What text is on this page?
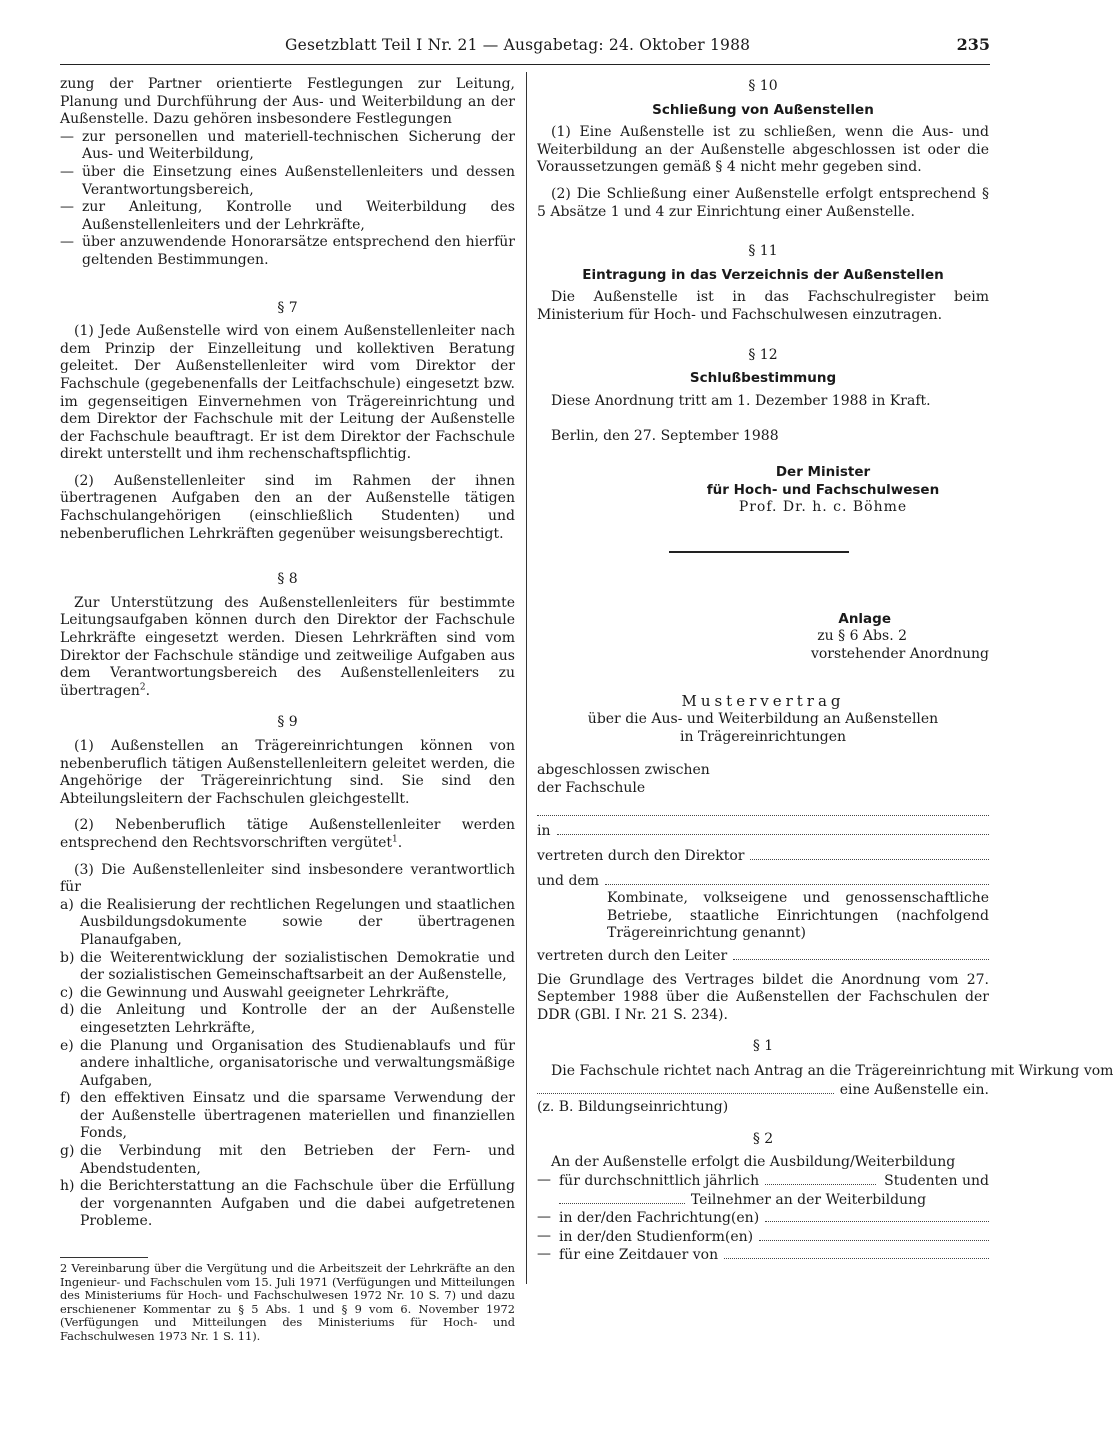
Gesetzblatt Teil I Nr. 21 — Ausgabetag: 24. Oktober 1988	235

zung der Partner orientierte Festlegungen zur Leitung, Planung und Durchführung der Aus- und Weiterbildung an der Außenstelle. Dazu gehören insbesondere Festlegungen

— zur personellen und materiell-technischen Sicherung der Aus- und Weiterbildung,
— über die Einsetzung eines Außenstellenleiters und dessen Verantwortungsbereich,
— zur Anleitung, Kontrolle und Weiterbildung des Außenstellenleiters und der Lehrkräfte,
— über anzuwendende Honorarsätze entsprechend den hierfür geltenden Bestimmungen.
§ 7

(1) Jede Außenstelle wird von einem Außenstellenleiter nach dem Prinzip der Einzelleitung und kollektiven Beratung geleitet. Der Außenstellenleiter wird vom Direktor der Fachschule (gegebenenfalls der Leitfachschule) eingesetzt bzw. im gegenseitigen Einvernehmen von Trägereinrichtung und dem Direktor der Fachschule mit der Leitung der Außenstelle der Fachschule beauftragt. Er ist dem Direktor der Fachschule direkt unterstellt und ihm rechenschaftspflichtig.

(2) Außenstellenleiter sind im Rahmen der ihnen übertragenen Aufgaben den an der Außenstelle tätigen Fachschulangehörigen (einschließlich Studenten) und nebenberuflichen Lehrkräften gegenüber weisungsberechtigt.

§ 8

Zur Unterstützung des Außenstellenleiters für bestimmte Leitungsaufgaben können durch den Direktor der Fachschule Lehrkräfte eingesetzt werden. Diesen Lehrkräften sind vom Direktor der Fachschule ständige und zeitweilige Aufgaben aus dem Verantwortungsbereich des Außenstellenleiters zu übertragen$^2$.

§ 9

(1) Außenstellen an Trägereinrichtungen können von nebenberuflich tätigen Außenstellenleitern geleitet werden, die Angehörige der Trägereinrichtung sind. Sie sind den Abteilungsleitern der Fachschulen gleichgestellt.

(2) Nebenberuflich tätige Außenstellenleiter werden entsprechend den Rechtsvorschriften vergütet$^1$.

(3) Die Außenstellenleiter sind insbesondere verantwortlich für

a) die Realisierung der rechtlichen Regelungen und staatlichen Ausbildungsdokumente sowie der übertragenen Planaufgaben,
b) die Weiterentwicklung der sozialistischen Demokratie und der sozialistischen Gemeinschaftsarbeit an der Außenstelle,
c) die Gewinnung und Auswahl geeigneter Lehrkräfte,
d) die Anleitung und Kontrolle der an der Außenstelle eingesetzten Lehrkräfte,
e) die Planung und Organisation des Studienablaufs und für andere inhaltliche, organisatorische und verwaltungsmäßige Aufgaben,
f) den effektiven Einsatz und die sparsame Verwendung der der Außenstelle übertragenen materiellen und finanziellen Fonds,
g) die Verbindung mit den Betrieben der Fern- und Abendstudenten,
h) die Berichterstattung an die Fachschule über die Erfüllung der vorgenannten Aufgaben und die dabei aufgetretenen Probleme.

2 Vereinbarung über die Vergütung und die Arbeitszeit der Lehrkräfte an den Ingenieur- und Fachschulen vom 15. Juli 1971 (Verfügungen und Mitteilungen des Ministeriums für Hoch- und Fachschulwesen 1972 Nr. 10 S. 7) und dazu erschienener Kommentar zu § 5 Abs. 1 und § 9 vom 6. November 1972 (Verfügungen und Mitteilungen des Ministeriums für Hoch- und Fachschulwesen 1973 Nr. 1 S. 11).

§ 10
Schließung von Außenstellen

(1) Eine Außenstelle ist zu schließen, wenn die Aus- und Weiterbildung an der Außenstelle abgeschlossen ist oder die Voraussetzungen gemäß § 4 nicht mehr gegeben sind.

(2) Die Schließung einer Außenstelle erfolgt entsprechend § 5 Absätze 1 und 4 zur Einrichtung einer Außenstelle.

§ 11
Eintragung in das Verzeichnis der Außenstellen

Die Außenstelle ist in das Fachschulregister beim Ministerium für Hoch- und Fachschulwesen einzutragen.

§ 12
Schlußbestimmung

Diese Anordnung tritt am 1. Dezember 1988 in Kraft.

Berlin, den 27. September 1988

Der Minister
für Hoch- und Fachschulwesen
Prof. Dr. h. c. Böhme
Anlage
zu § 6 Abs. 2
vorstehender Anordnung
Mustervertrag
über die Aus- und Weiterbildung an Außenstellen
in Trägereinrichtungen
abgeschlossen zwischen
der Fachschule
in
vertreten durch den Direktor
und dem

Kombinate, volkseigene und genossenschaftliche Betriebe, staatliche Einrichtungen (nachfolgend Trägereinrichtung genannt)

vertreten durch den Leiter

Die Grundlage des Vertrages bildet die Anordnung vom 27. September 1988 über die Außenstellen der Fachschulen der DDR (GBl. I Nr. 21 S. 234).

§ 1
Die Fachschule richtet nach Antrag an die Trägereinrichtung mit Wirkung vom
eine Außenstelle ein.
(z. B. Bildungseinrichtung)
§ 2
An der Außenstelle erfolgt die Ausbildung/Weiterbildung
— für durchschnittlich jährlich	Studenten und
Teilnehmer an der Weiterbildung
— in der/den Fachrichtung(en)
— in der/den Studienform(en)
— für eine Zeitdauer von
